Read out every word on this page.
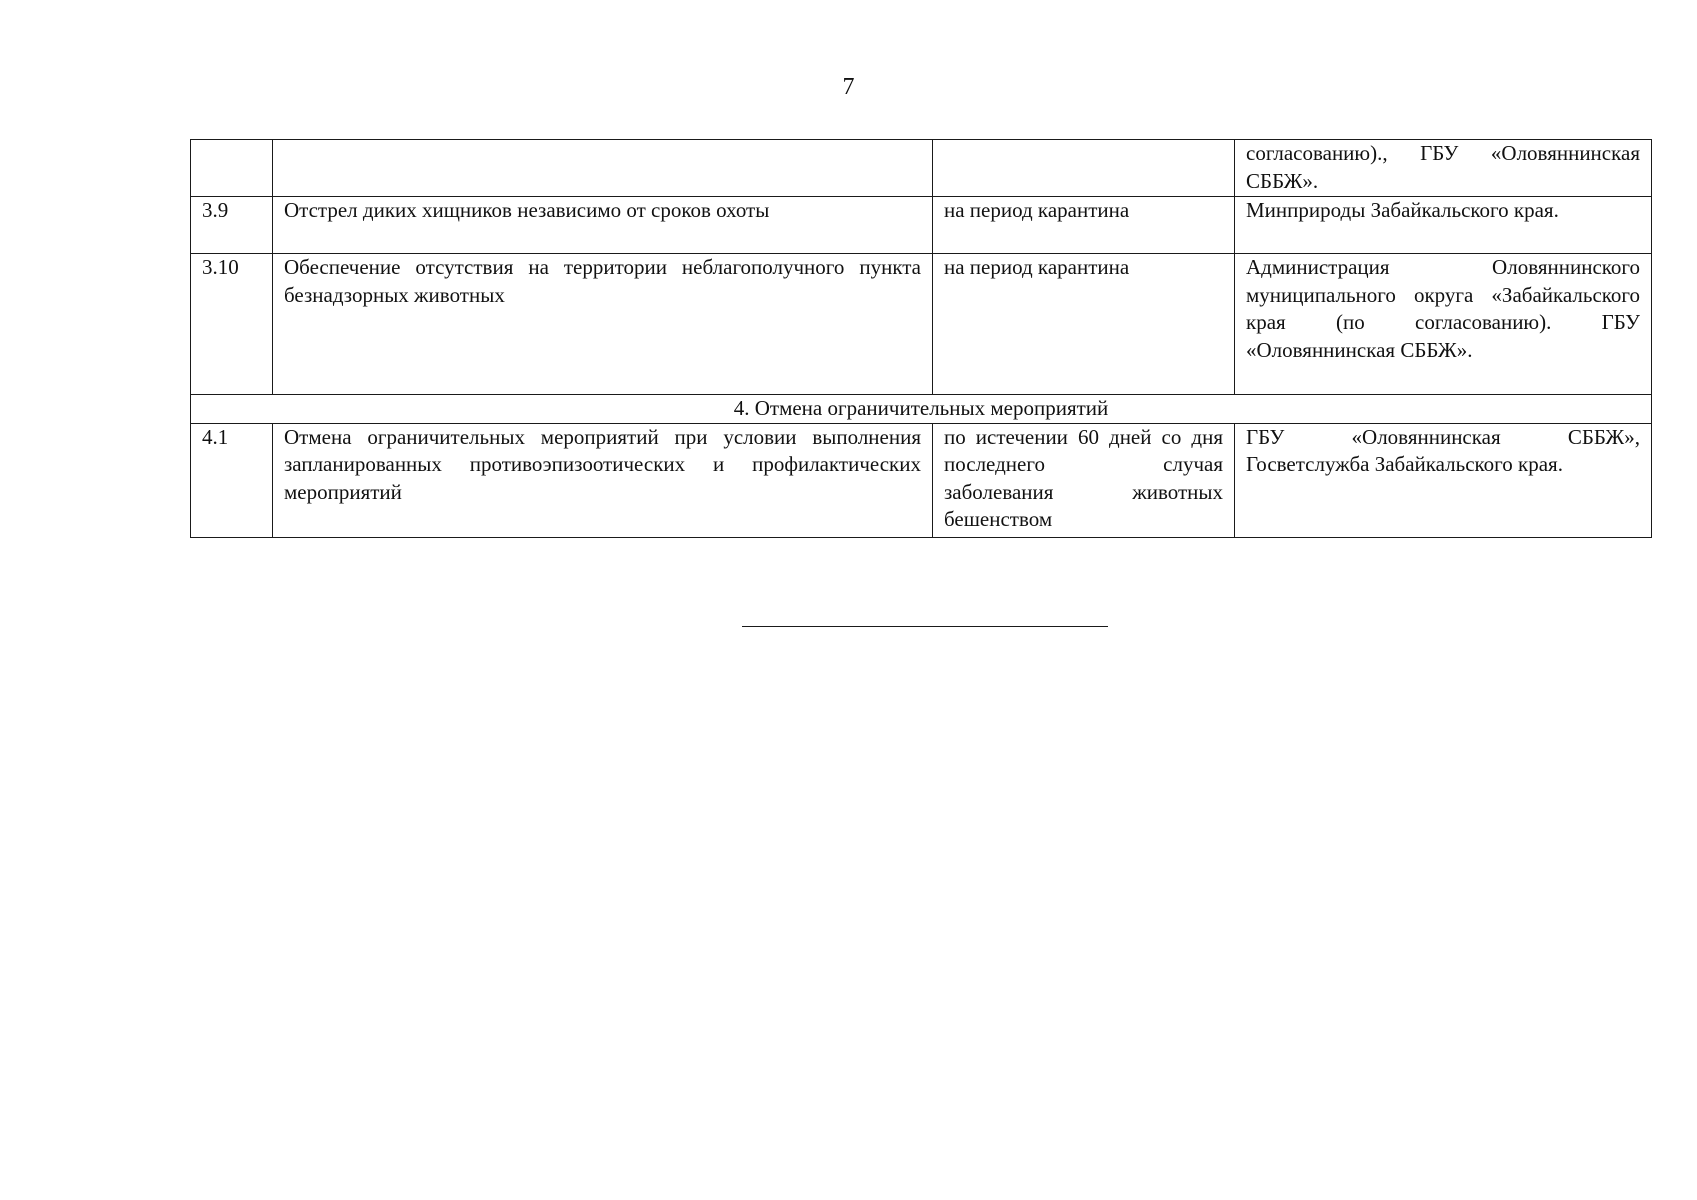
7
			согласованию)., ГБУ «Оловяннинская СББЖ».
3.9	Отстрел диких хищников независимо от сроков охоты	на период карантина	Минприроды Забайкальского края.
3.10	Обеспечение отсутствия на территории неблагополучного пункта безнадзорных животных	на период карантина	Администрация Оловяннинского муниципального округа «Забайкальского края (по согласованию). ГБУ «Оловяннинская СББЖ».
4. Отмена ограничительных мероприятий			
4.1	Отмена ограничительных мероприятий при условии выполнения запланированных противоэпизоотических и профилактических мероприятий	по истечении 60 дней со дня последнего случая заболевания животных бешенством	ГБУ «Оловяннинская СББЖ», Госветслужба Забайкальского края.
